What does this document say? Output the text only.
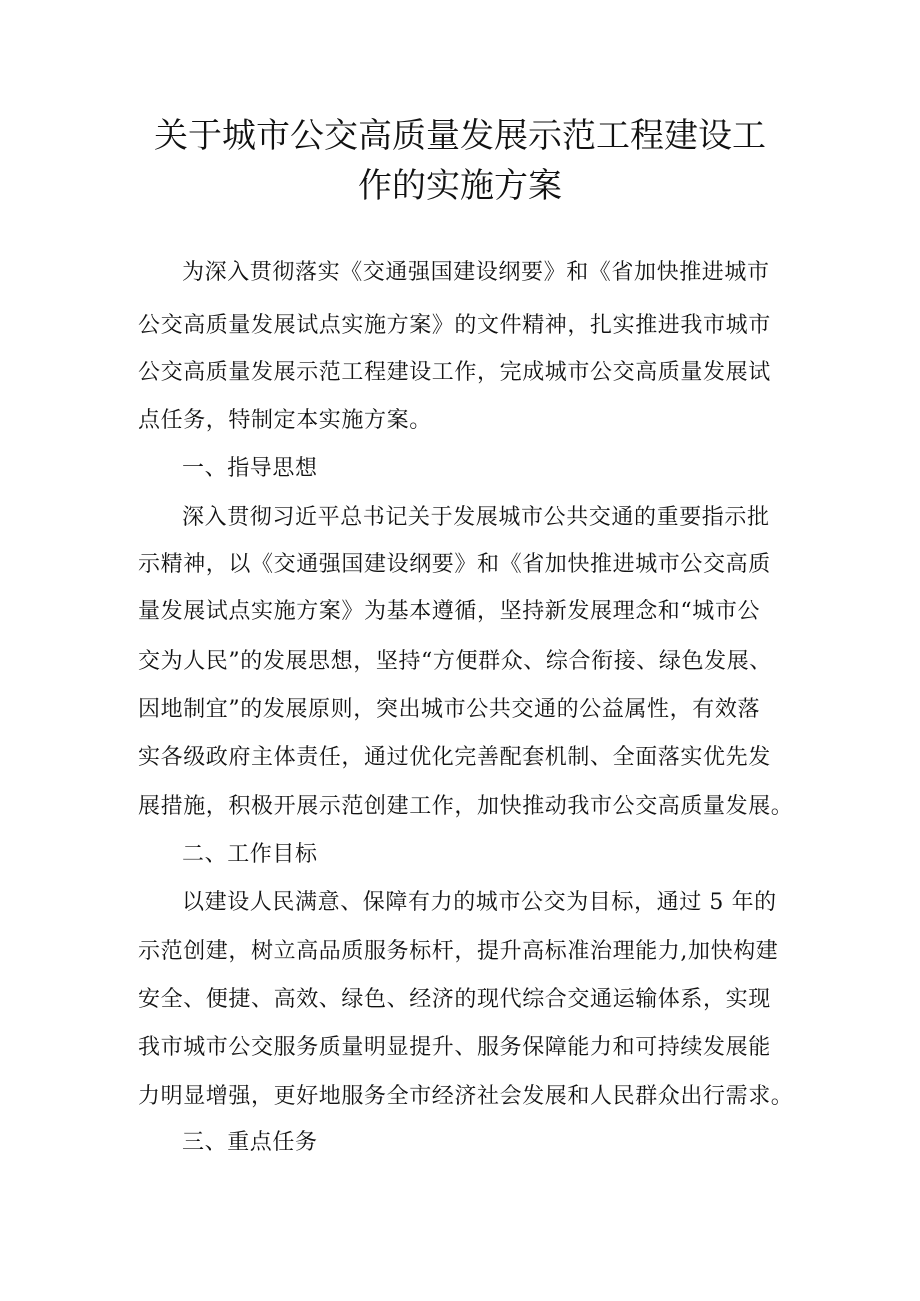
关于城市公交高质量发展示范工程建设工
作的实施方案
为深入贯彻落实《交通强国建设纲要》和《省加快推进城市
公交高质量发展试点实施方案》的文件精神，扎实推进我市城市
公交高质量发展示范工程建设工作，完成城市公交高质量发展试
点任务，特制定本实施方案。
一、指导思想
深入贯彻习近平总书记关于发展城市公共交通的重要指示批
示精神，以《交通强国建设纲要》和《省加快推进城市公交高质
量发展试点实施方案》为基本遵循，坚持新发展理念和“城市公
交为人民”的发展思想，坚持“方便群众、综合衔接、绿色发展、
因地制宜”的发展原则，突出城市公共交通的公益属性，有效落
实各级政府主体责任，通过优化完善配套机制、全面落实优先发
展措施，积极开展示范创建工作，加快推动我市公交高质量发展。
二、工作目标
以建设人民满意、保障有力的城市公交为目标，通过 5 年的
示范创建，树立高品质服务标杆，提升高标准治理能力,加快构建
安全、便捷、高效、绿色、经济的现代综合交通运输体系，实现
我市城市公交服务质量明显提升、服务保障能力和可持续发展能
力明显增强，更好地服务全市经济社会发展和人民群众出行需求。
三、重点任务
